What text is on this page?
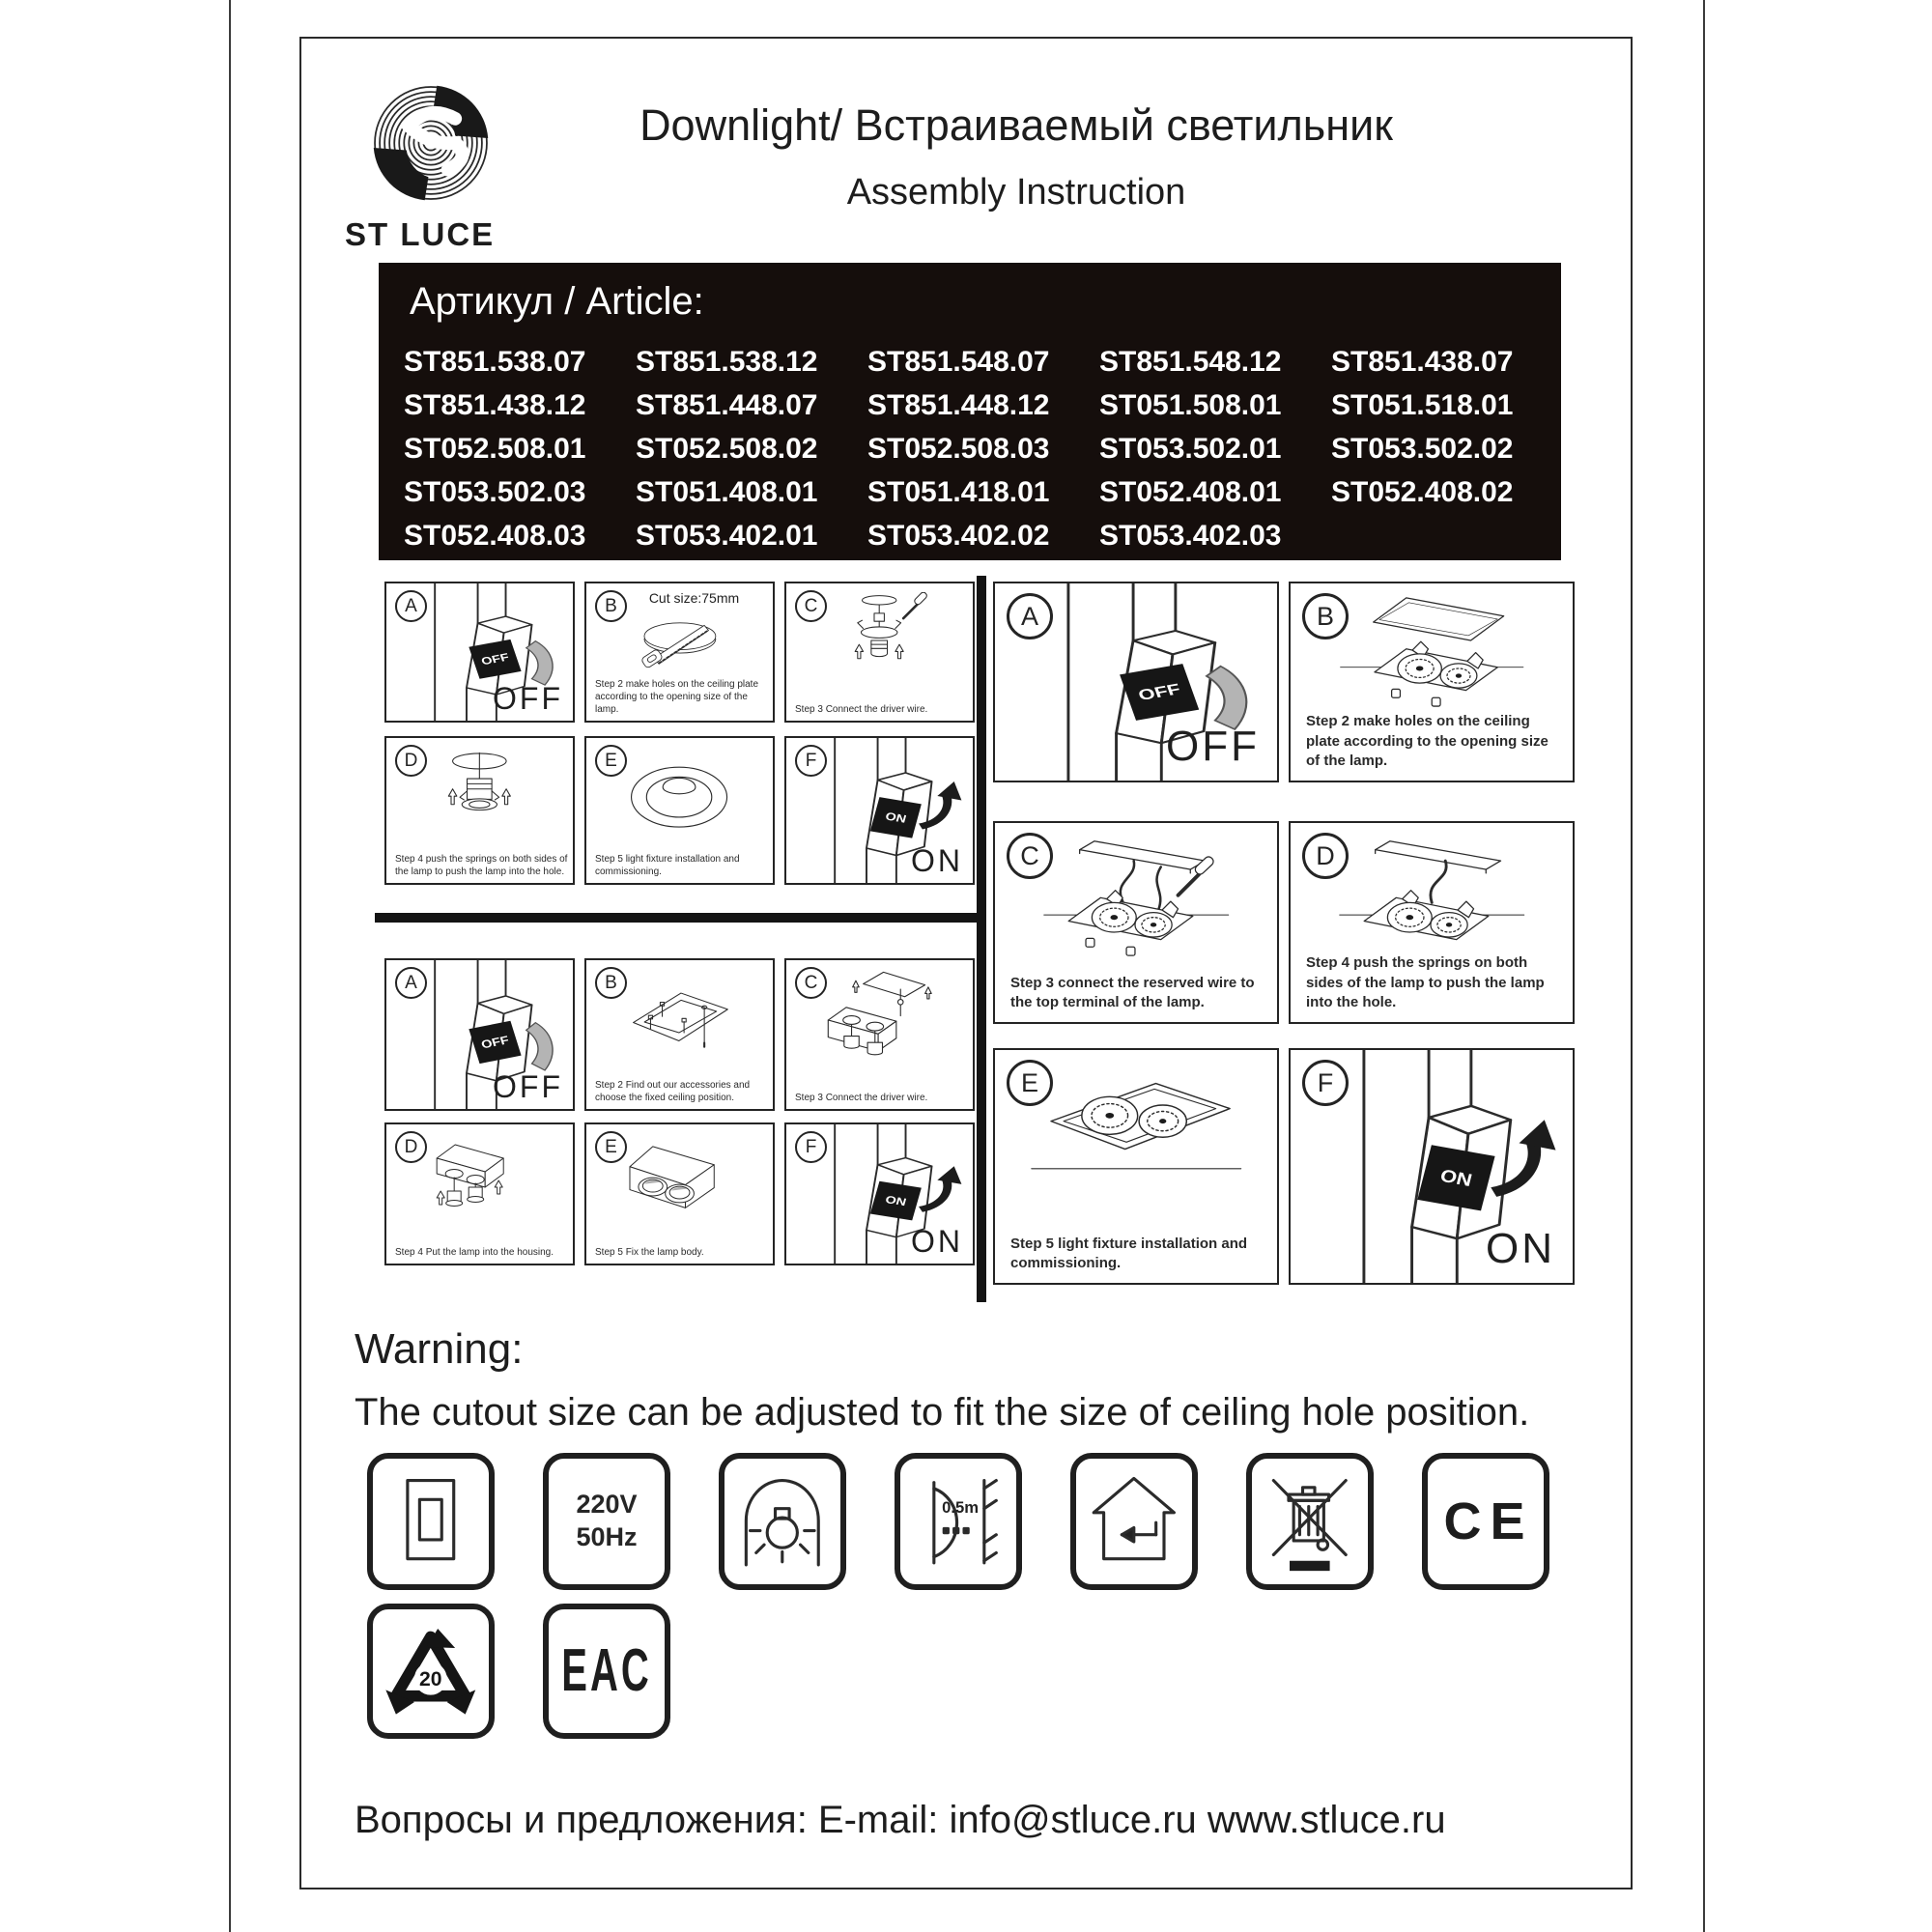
ST LUCE
Downlight/ Встраиваемый светильник
Assembly Instruction
Артикул / Article:
ST851.538.07	ST851.538.12	ST851.548.07	ST851.548.12	ST851.438.07
ST851.438.12	ST851.448.07	ST851.448.12	ST051.508.01	ST051.518.01
ST052.508.01	ST052.508.02	ST052.508.03	ST053.502.01	ST053.502.02
ST053.502.03	ST051.408.01	ST051.418.01	ST052.408.01	ST052.408.02
ST052.408.03	ST053.402.01	ST053.402.02	ST053.402.03
A
OFF
OFF
B	Cut size:75mm
Step 2 make holes on the ceiling plate according to the opening size of the lamp.
C
Step 3 Connect the driver wire.
D
Step 4 push the springs on both sides of the lamp to push the lamp into the hole.
E
Step 5 light fixture installation and commissioning.
F
ON
ON
A
OFF
OFF
B
Step 2 Find out our accessories and choose the fixed ceiling position.
C
Step 3 Connect the driver wire.
D
Step 4 Put the lamp into the housing.
E
Step 5 Fix the lamp body.
F
ON
ON
A
OFF
OFF
B
Step 2 make holes on the ceiling plate according to the opening size of the lamp.
C
Step 3 connect the reserved wire to the top terminal of the lamp.
D
Step 4 push the springs on both sides of the lamp to push the lamp into the hole.
E
Step 5 light fixture installation and commissioning.
F
ON
ON
Warning:
The cutout size can be adjusted to fit the size of ceiling hole position.
220V
50Hz
0.5m	CE
20	EAC
Вопросы и предложения: E-mail: info@stluce.ru www.stluce.ru
